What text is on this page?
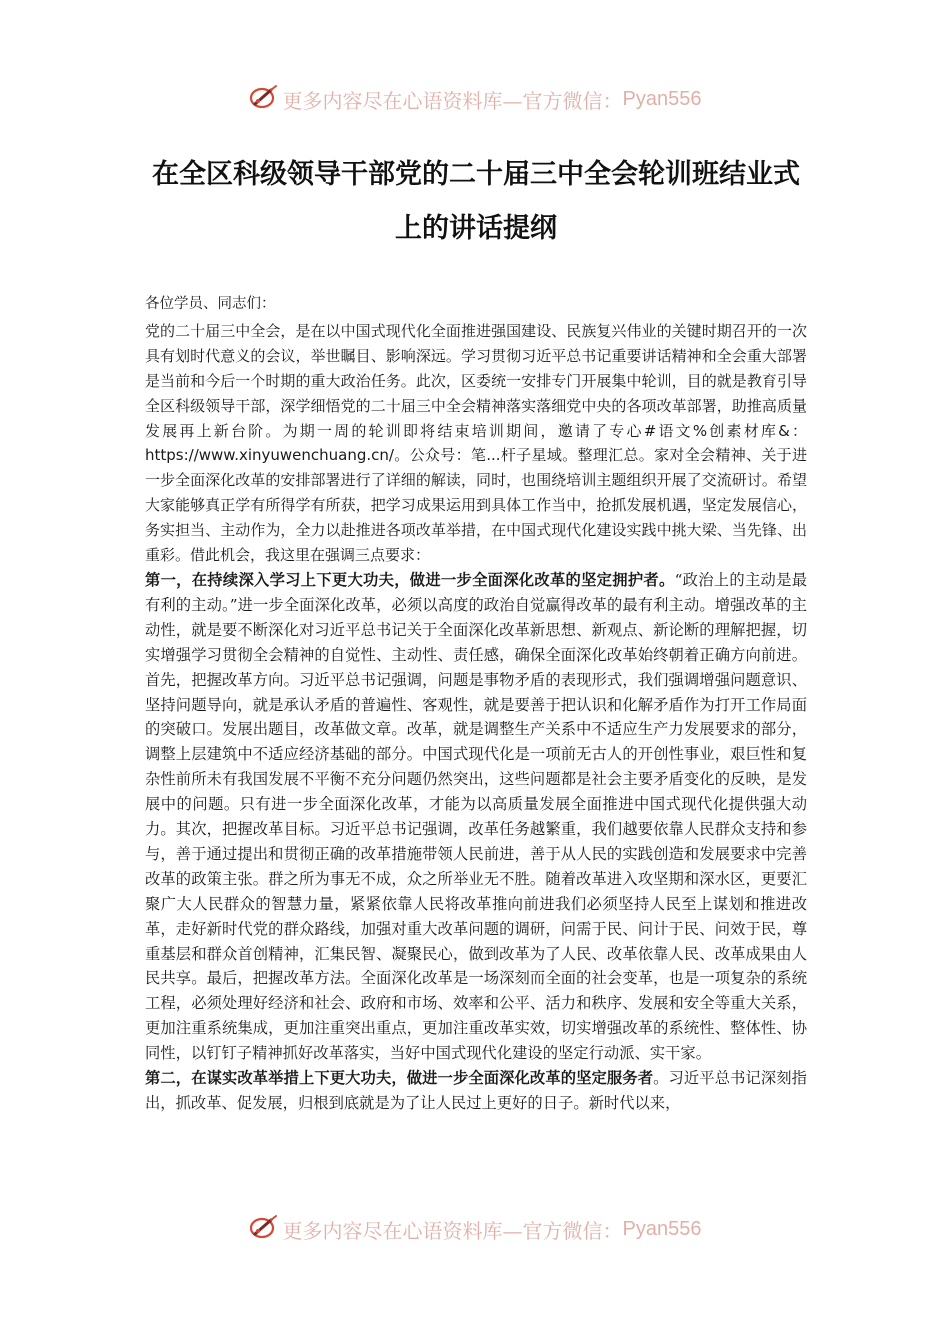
更多内容尽在心语资料库—官方微信：Pyan556
在全区科级领导干部党的二十届三中全会轮训班结业式上的讲话提纲

各位学员、同志们：

党的二十届三中全会，是在以中国式现代化全面推进强国建设、民族复兴伟业的关键时期召开的一次具有划时代意义的会议，举世瞩目、影响深远。学习贯彻习近平总书记重要讲话精神和全会重大部署是当前和今后一个时期的重大政治任务。此次，区委统一安排专门开展集中轮训，目的就是教育引导全区科级领导干部，深学细悟党的二十届三中全会精神落实落细党中央的各项改革部署，助推高质量发展再上新台阶。为期一周的轮训即将结束培训期间，邀请了专心#语文%创素材库&：https://www.xinyuwenchuang.cn/。公众号：笔...杆子星域。整理汇总。家对全会精神、关于进一步全面深化改革的安排部署进行了详细的解读，同时，也围绕培训主题组织开展了交流研讨。希望大家能够真正学有所得学有所获，把学习成果运用到具体工作当中，抢抓发展机遇，坚定发展信心，务实担当、主动作为，全力以赴推进各项改革举措，在中国式现代化建设实践中挑大梁、当先锋、出重彩。借此机会，我这里在强调三点要求：

第一，在持续深入学习上下更大功夫，做进一步全面深化改革的坚定拥护者。“政治上的主动是最有利的主动。”进一步全面深化改革，必须以高度的政治自觉赢得改革的最有利主动。增强改革的主动性，就是要不断深化对习近平总书记关于全面深化改革新思想、新观点、新论断的理解把握，切实增强学习贯彻全会精神的自觉性、主动性、责任感，确保全面深化改革始终朝着正确方向前进。首先，把握改革方向。习近平总书记强调，问题是事物矛盾的表现形式，我们强调增强问题意识、坚持问题导向，就是承认矛盾的普遍性、客观性，就是要善于把认识和化解矛盾作为打开工作局面的突破口。发展出题目，改革做文章。改革，就是调整生产关系中不适应生产力发展要求的部分，调整上层建筑中不适应经济基础的部分。中国式现代化是一项前无古人的开创性事业，艰巨性和复杂性前所未有我国发展不平衡不充分问题仍然突出，这些问题都是社会主要矛盾变化的反映，是发展中的问题。只有进一步全面深化改革，才能为以高质量发展全面推进中国式现代化提供强大动力。其次，把握改革目标。习近平总书记强调，改革任务越繁重，我们越要依靠人民群众支持和参与，善于通过提出和贯彻正确的改革措施带领人民前进，善于从人民的实践创造和发展要求中完善改革的政策主张。群之所为事无不成，众之所举业无不胜。随着改革进入攻坚期和深水区，更要汇聚广大人民群众的智慧力量，紧紧依靠人民将改革推向前进我们必须坚持人民至上谋划和推进改革，走好新时代党的群众路线，加强对重大改革问题的调研，问需于民、问计于民、问效于民，尊重基层和群众首创精神，汇集民智、凝聚民心，做到改革为了人民、改革依靠人民、改革成果由人民共享。最后，把握改革方法。全面深化改革是一场深刻而全面的社会变革，也是一项复杂的系统工程，必须处理好经济和社会、政府和市场、效率和公平、活力和秩序、发展和安全等重大关系，更加注重系统集成，更加注重突出重点，更加注重改革实效，切实增强改革的系统性、整体性、协同性，以钉钉子精神抓好改革落实，当好中国式现代化建设的坚定行动派、实干家。

第二，在谋实改革举措上下更大功夫，做进一步全面深化改革的坚定服务者。习近平总书记深刻指出，抓改革、促发展，归根到底就是为了让人民过上更好的日子。新时代以来，

更多内容尽在心语资料库—官方微信：Pyan556
